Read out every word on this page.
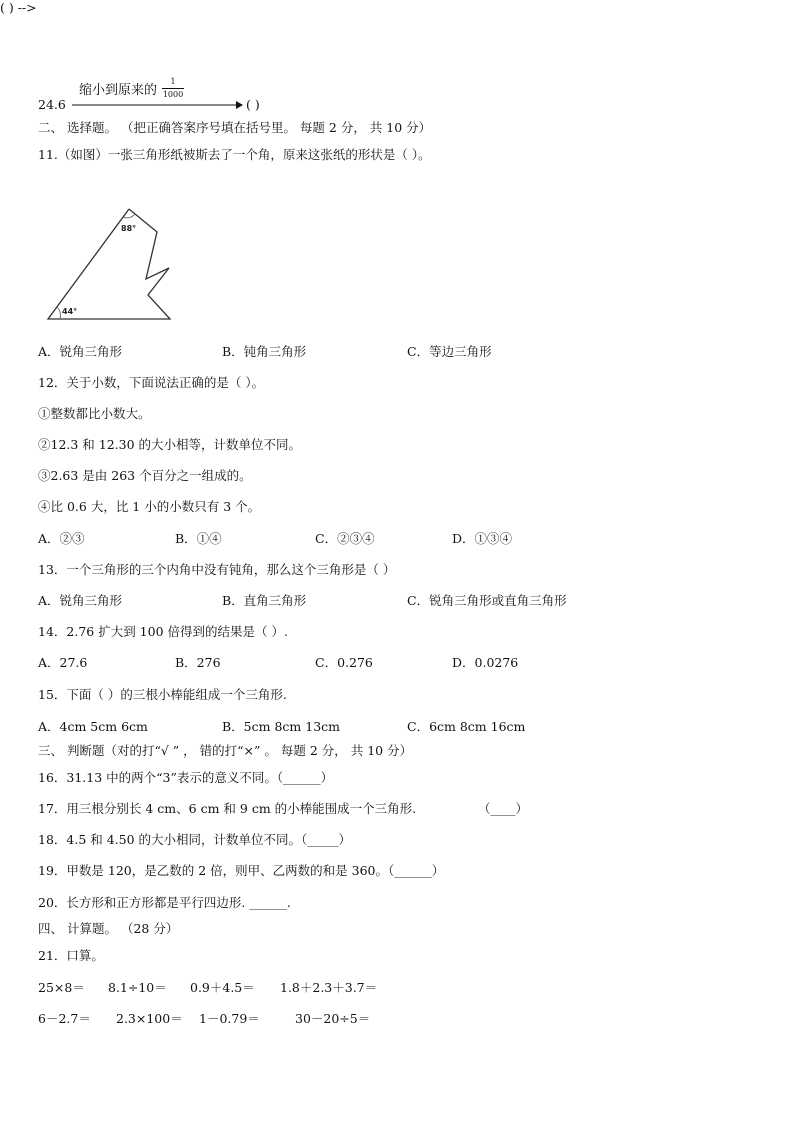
( ) -->
缩小到原来的
1
1000
24.6	( )
二、 选择题。 （把正确答案序号填在括号里。 每题 2 分， 共 10 分）
11.（如图）一张三角形纸被斯去了一个角，原来这张纸的形状是（ ）。
88°
44°
A．锐角三角形	B．钝角三角形	C．等边三角形
12．关于小数，下面说法正确的是（ ）。
①整数都比小数大。
②12.3 和 12.30 的大小相等，计数单位不同。
③2.63 是由 263 个百分之一组成的。
④比 0.6 大，比 1 小的小数只有 3 个。
A．②③	B．①④	C．②③④	D．①③④
13．一个三角形的三个内角中没有钝角，那么这个三角形是（ ）
A．锐角三角形	B．直角三角形	C．锐角三角形或直角三角形
14．2.76 扩大到 100 倍得到的结果是（ ）.
A．27.6	B．276	C．0.276	D．0.0276
15．下面（ ）的三根小棒能组成一个三角形.
A．4cm 5cm 6cm	B．5cm 8cm 13cm	C．6cm 8cm 16cm
三、 判断题（对的打“√ ” ， 错的打“×” 。 每题 2 分， 共 10 分）
16．31.13 中的两个“3”表示的意义不同。（______）
17．用三根分别长 4 cm、6 cm 和 9 cm 的小棒能围成一个三角形.	（____）
18．4.5 和 4.50 的大小相同，计数单位不同。（_____）
19．甲数是 120，是乙数的 2 倍，则甲、乙两数的和是 360。（______）
20．长方形和正方形都是平行四边形. ______.
四、 计算题。 （28 分）
21．口算。
25×8＝ 8.1÷10＝ 0.9＋4.5＝ 1.8＋2.3＋3.7＝
6－2.7＝ 2.3×100＝ 1－0.79＝	30－20÷5＝
